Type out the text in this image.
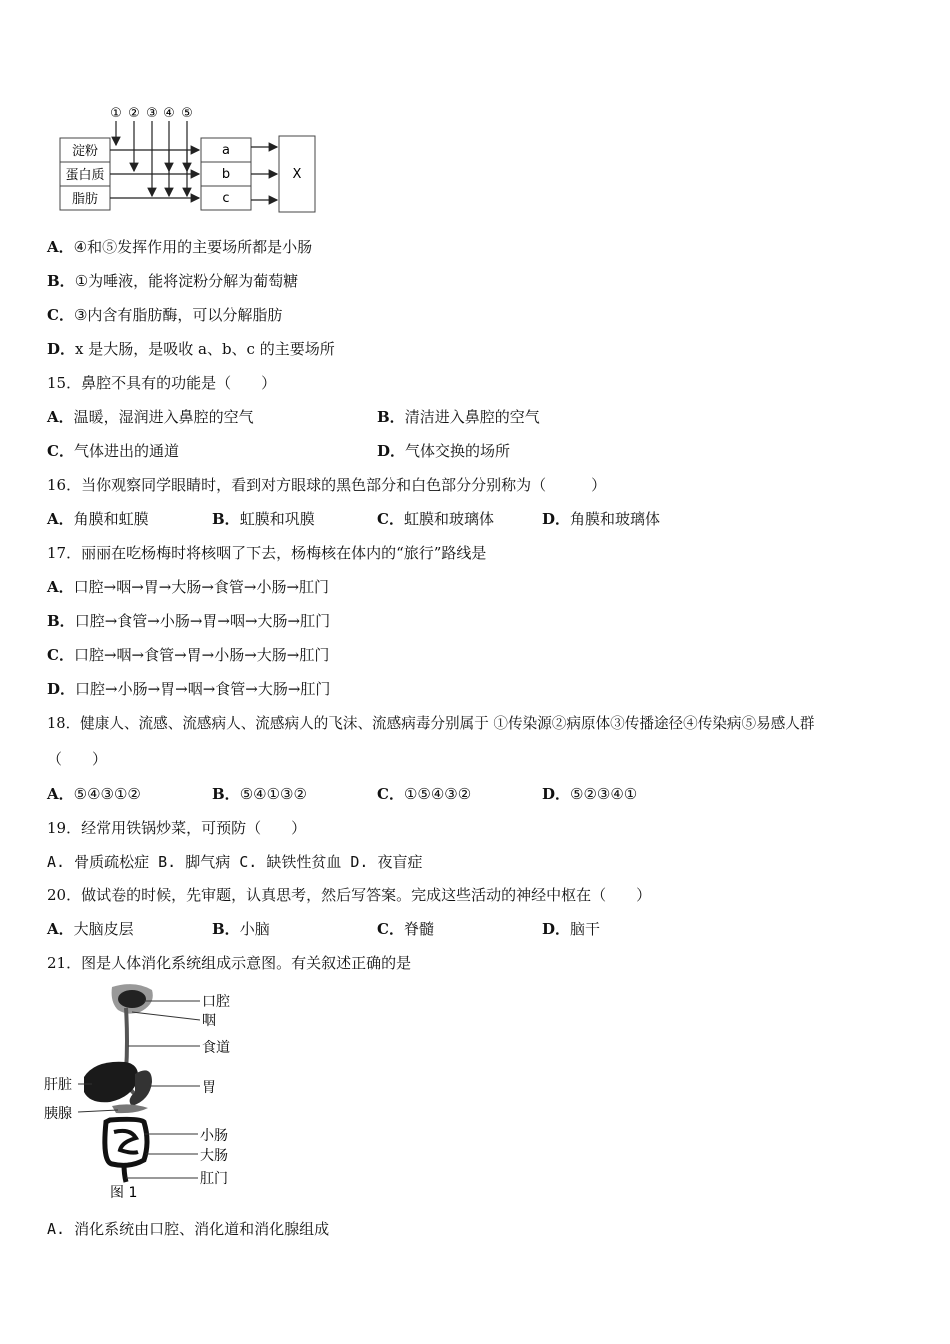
① ② ③ ④ ⑤
淀粉
蛋白质
脂肪
a
b
c
X
A．④和⑤发挥作用的主要场所都是小肠
B．①为唾液，能将淀粉分解为葡萄糖
C．③内含有脂肪酶，可以分解脂肪
D．x 是大肠，是吸收 a、b、c 的主要场所
15．鼻腔不具有的功能是（　　）
A．温暖，湿润进入鼻腔的空气	B．清洁进入鼻腔的空气
C．气体进出的通道	D．气体交换的场所
16．当你观察同学眼睛时，看到对方眼球的黑色部分和白色部分分别称为（　　　）
A．角膜和虹膜	B．虹膜和巩膜	C．虹膜和玻璃体	D．角膜和玻璃体
17．丽丽在吃杨梅时将核咽了下去，杨梅核在体内的“旅行”路线是
A．口腔→咽→胃→大肠→食管→小肠→肛门
B．口腔→食管→小肠→胃→咽→大肠→肛门
C．口腔→咽→食管→胃→小肠→大肠→肛门
D．口腔→小肠→胃→咽→食管→大肠→肛门
18．健康人、流感、流感病人、流感病人的飞沫、流感病毒分别属于 ①传染源②病原体③传播途径④传染病⑤易感人群
（　　）
A．⑤④③①②	B．⑤④①③②	C．①⑤④③②	D．⑤②③④①
19．经常用铁锅炒菜，可预防（　　）
A. 骨质疏松症 B. 脚气病 C. 缺铁性贫血 D. 夜盲症
20．做试卷的时候，先审题，认真思考，然后写答案。完成这些活动的神经中枢在（　　）
A．大脑皮层	B．小脑	C．脊髓	D．脑干
21．图是人体消化系统组成示意图。有关叙述正确的是
口腔
咽
食道
肝脏	胃
胰腺
小肠
大肠
肛门
图 1
A. 消化系统由口腔、消化道和消化腺组成
